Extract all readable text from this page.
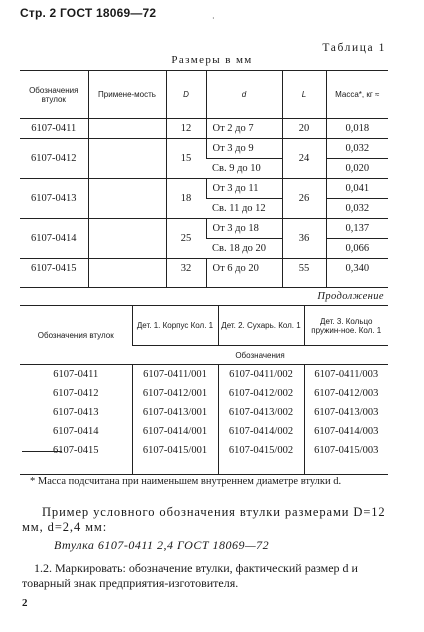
Стр. 2 ГОСТ 18069—72	·
Таблица 1
Размеры в мм
Обозначения втулок	Примене-мость	D	d	L	Масса*, кг ≈
6107-0411		12	От 2 до 7	20	0,018
6107-0412		15	От 3 до 9	24	0,032
			Св. 9 до 10		0,020
6107-0413		18	От 3 до 11	26	0,041
			Св. 11 до 12		0,032
6107-0414		25	От 3 до 18	36	0,137
			Св. 18 до 20		0,066
6107-0415		32	От 6 до 20	55	0,340

Продолжение
Обозначения втулок	Дет. 1. Корпус Кол. 1	Дет. 2. Сухарь. Кол. 1	Дет. 3. Кольцо пружин-ное. Кол. 1
	Обозначения		
6107-0411	6107-0411/001	6107-0411/002	6107-0411/003
6107-0412	6107-0412/001	6107-0412/002	6107-0412/003
6107-0413	6107-0413/001	6107-0413/002	6107-0413/003
6107-0414	6107-0414/001	6107-0414/002	6107-0414/003
6107-0415	6107-0415/001	6107-0415/002	6107-0415/003

* Масса подсчитана при наименьшем внутреннем диаметре втулки d.
Пример условного обозначения втулки размерами D=12 мм, d=2,4 мм:
Втулка 6107-0411 2,4 ГОСТ 18069—72
1.2. Маркировать: обозначение втулки, фактический размер d и товарный знак предприятия-изготовителя.
2
